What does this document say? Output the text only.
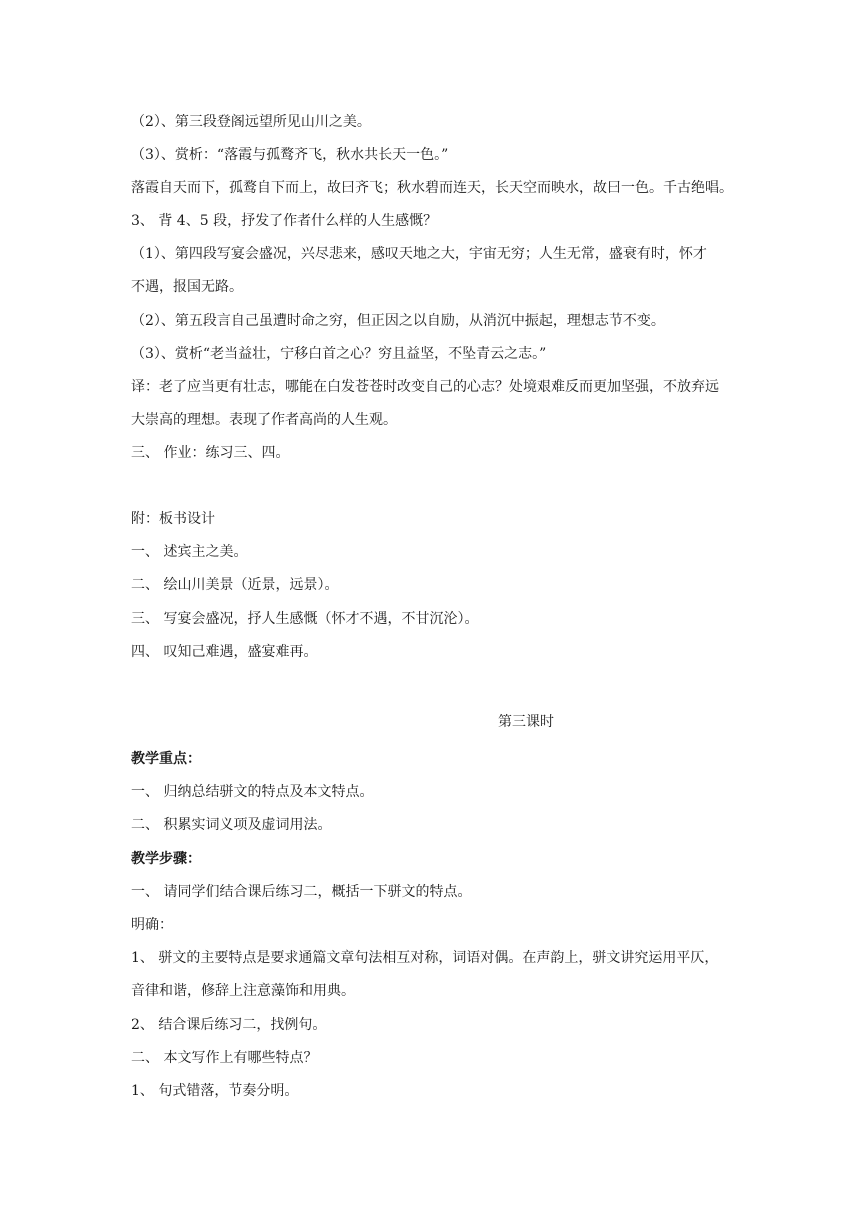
（2）、第三段登阁远望所见山川之美。
（3）、赏析：“落霞与孤鹜齐飞，秋水共长天一色。”
落霞自天而下，孤鹜自下而上，故曰齐飞；秋水碧而连天，长天空而映水，故曰一色。千古绝唱。
3、 背 4、5 段，抒发了作者什么样的人生感慨？
（1）、第四段写宴会盛况，兴尽悲来，感叹天地之大，宇宙无穷；人生无常，盛衰有时，怀才
不遇，报国无路。
（2）、第五段言自己虽遭时命之穷，但正因之以自励，从消沉中振起，理想志节不变。
（3）、赏析“老当益壮，宁移白首之心？穷且益坚，不坠青云之志。”
译：老了应当更有壮志，哪能在白发苍苍时改变自己的心志？处境艰难反而更加坚强，不放弃远
大崇高的理想。表现了作者高尚的人生观。
三、 作业：练习三、四。
附：板书设计
一、 述宾主之美。
二、 绘山川美景（近景，远景）。
三、 写宴会盛况，抒人生感慨（怀才不遇，不甘沉沦）。
四、 叹知己难遇，盛宴难再。
第三课时
教学重点：
一、 归纳总结骈文的特点及本文特点。
二、 积累实词义项及虚词用法。
教学步骤：
一、 请同学们结合课后练习二，概括一下骈文的特点。
明确：
1、 骈文的主要特点是要求通篇文章句法相互对称，词语对偶。在声韵上，骈文讲究运用平仄，
音律和谐，修辞上注意藻饰和用典。
2、 结合课后练习二，找例句。
二、 本文写作上有哪些特点？
1、 句式错落，节奏分明。
